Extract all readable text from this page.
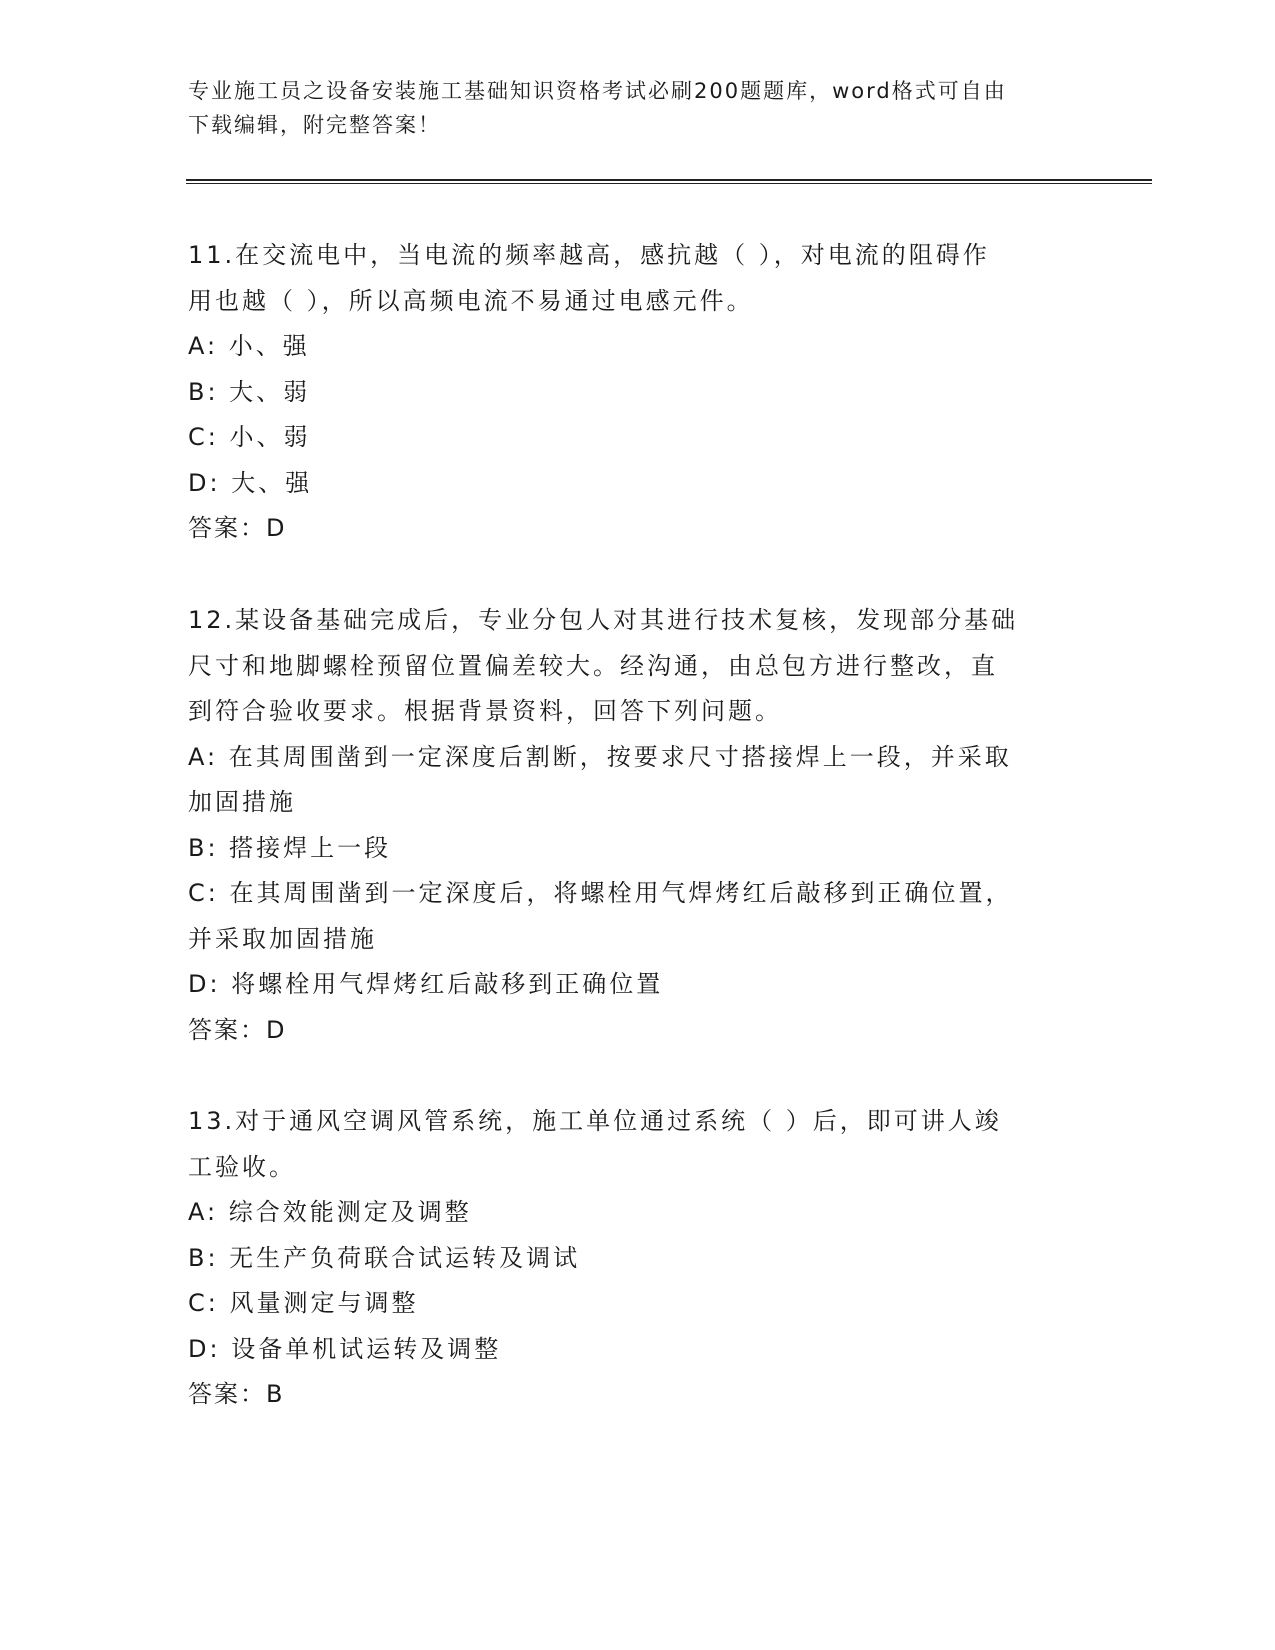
专业施工员之设备安装施工基础知识资格考试必刷200题题库，word格式可自由
下载编辑，附完整答案！
11.在交流电中，当电流的频率越高，感抗越（ ），对电流的阻碍作
用也越（ ），所以高频电流不易通过电感元件。
A: 小、强
B: 大、弱
C: 小、弱
D: 大、强
答案：D
12.某设备基础完成后，专业分包人对其进行技术复核，发现部分基础
尺寸和地脚螺栓预留位置偏差较大。经沟通，由总包方进行整改，直
到符合验收要求。根据背景资料，回答下列问题。
A: 在其周围凿到一定深度后割断，按要求尺寸搭接焊上一段，并采取
加固措施
B: 搭接焊上一段
C: 在其周围凿到一定深度后，将螺栓用气焊烤红后敲移到正确位置，
并采取加固措施
D: 将螺栓用气焊烤红后敲移到正确位置
答案：D
13.对于通风空调风管系统，施工单位通过系统（ ）后，即可讲人竣
工验收。
A: 综合效能测定及调整
B: 无生产负荷联合试运转及调试
C: 风量测定与调整
D: 设备单机试运转及调整
答案：B
